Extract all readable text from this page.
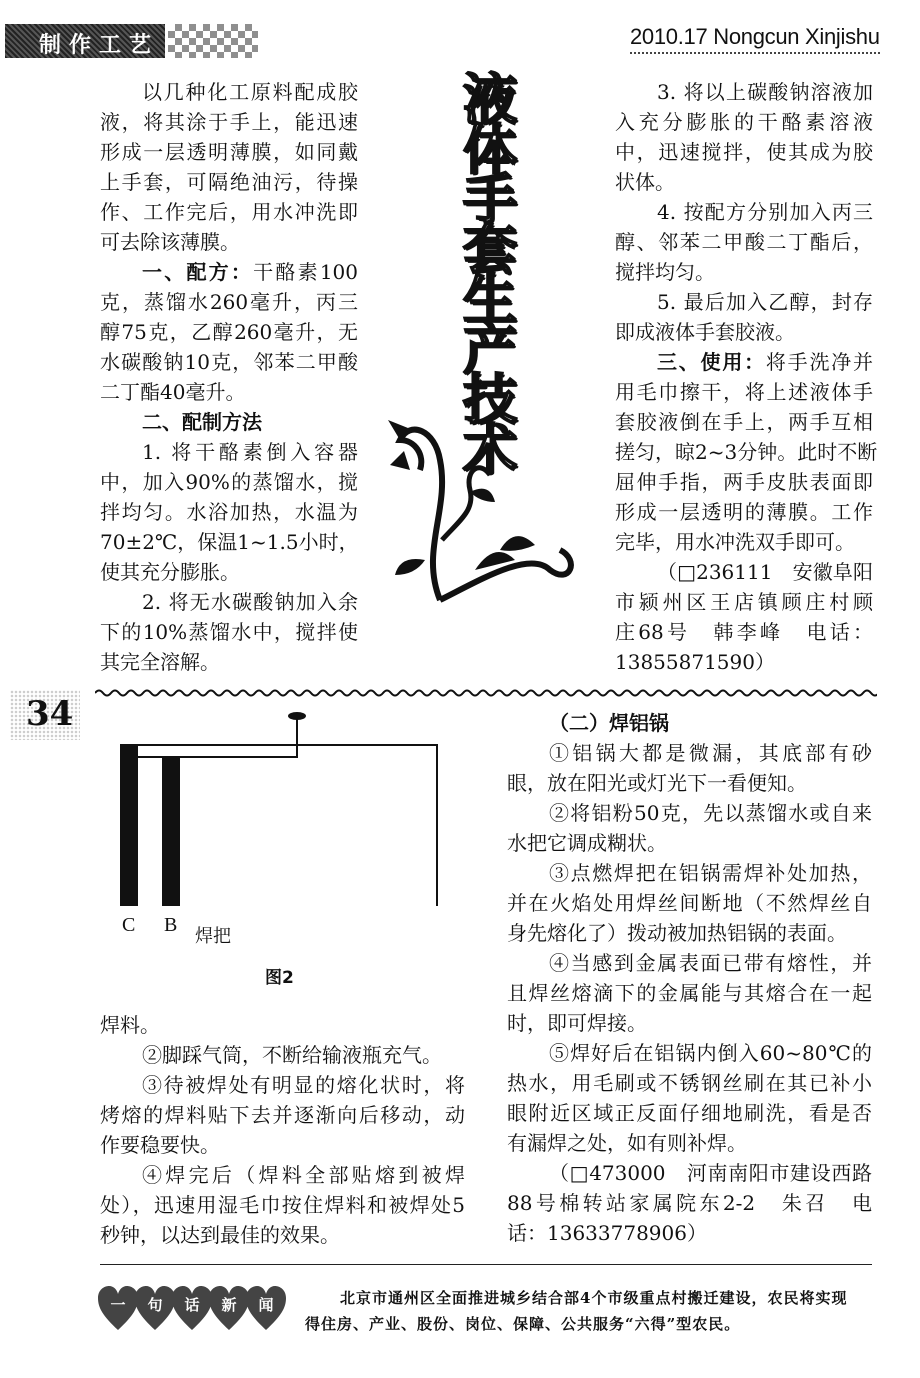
制作工艺	2010.17 Nongcun Xinjishu
以几种化工原料配成胶
液，将其涂于手上，能迅速
形成一层透明薄膜，如同戴
上手套，可隔绝油污，待操
作、工作完后，用水冲洗即
可去除该薄膜。
一、配方：干酪素100
克，蒸馏水260毫升，丙三
醇75克，乙醇260毫升，无
水碳酸钠10克，邻苯二甲酸
二丁酯40毫升。
二、配制方法
1. 将干酪素倒入容器
中，加入90%的蒸馏水，搅
拌均匀。水浴加热，水温为
70±2℃，保温1~1.5小时，
使其充分膨胀。
2. 将无水碳酸钠加入余
下的10%蒸馏水中，搅拌使
其完全溶解。
3. 将以上碳酸钠溶液加
入充分膨胀的干酪素溶液
中，迅速搅拌，使其成为胶
状体。
4. 按配方分别加入丙三
醇、邻苯二甲酸二丁酯后，
搅拌均匀。
5. 最后加入乙醇，封存
即成液体手套胶液。
三、使用：将手洗净并
用毛巾擦干，将上述液体手
套胶液倒在手上，两手互相
搓匀，晾2~3分钟。此时不断
屈伸手指，两手皮肤表面即
形成一层透明的薄膜。工作
完毕，用水冲洗双手即可。
（□236111　安徽阜阳
市颍州区王店镇顾庄村顾
庄68号　韩李峰　电话：
13855871590）
液
体
手
套
生
产
技
术
34
C B
焊把
图2
焊料。
②脚踩气筒，不断给输液瓶充气。
③待被焊处有明显的熔化状时，将
烤熔的焊料贴下去并逐渐向后移动，动
作要稳要快。
④焊完后（焊料全部贴熔到被焊
处），迅速用湿毛巾按住焊料和被焊处5
秒钟，以达到最佳的效果。
（二）焊铝锅
①铝锅大都是微漏，其底部有砂
眼，放在阳光或灯光下一看便知。
②将铝粉50克，先以蒸馏水或自来
水把它调成糊状。
③点燃焊把在铝锅需焊补处加热，
并在火焰处用焊丝间断地（不然焊丝自
身先熔化了）拨动被加热铝锅的表面。
④当感到金属表面已带有熔性，并
且焊丝熔滴下的金属能与其熔合在一起
时，即可焊接。
⑤焊好后在铝锅内倒入60~80℃的
热水，用毛刷或不锈钢丝刷在其已补小
眼附近区域正反面仔细地刷洗，看是否
有漏焊之处，如有则补焊。
（□473000　河南南阳市建设西路
88号棉转站家属院东2-2　朱召　电
话：13633778906）
一	句	话	新	闻	北京市通州区全面推进城乡结合部4个市级重点村搬迁建设，农民将实现
得住房、产业、股份、岗位、保障、公共服务“六得”型农民。
